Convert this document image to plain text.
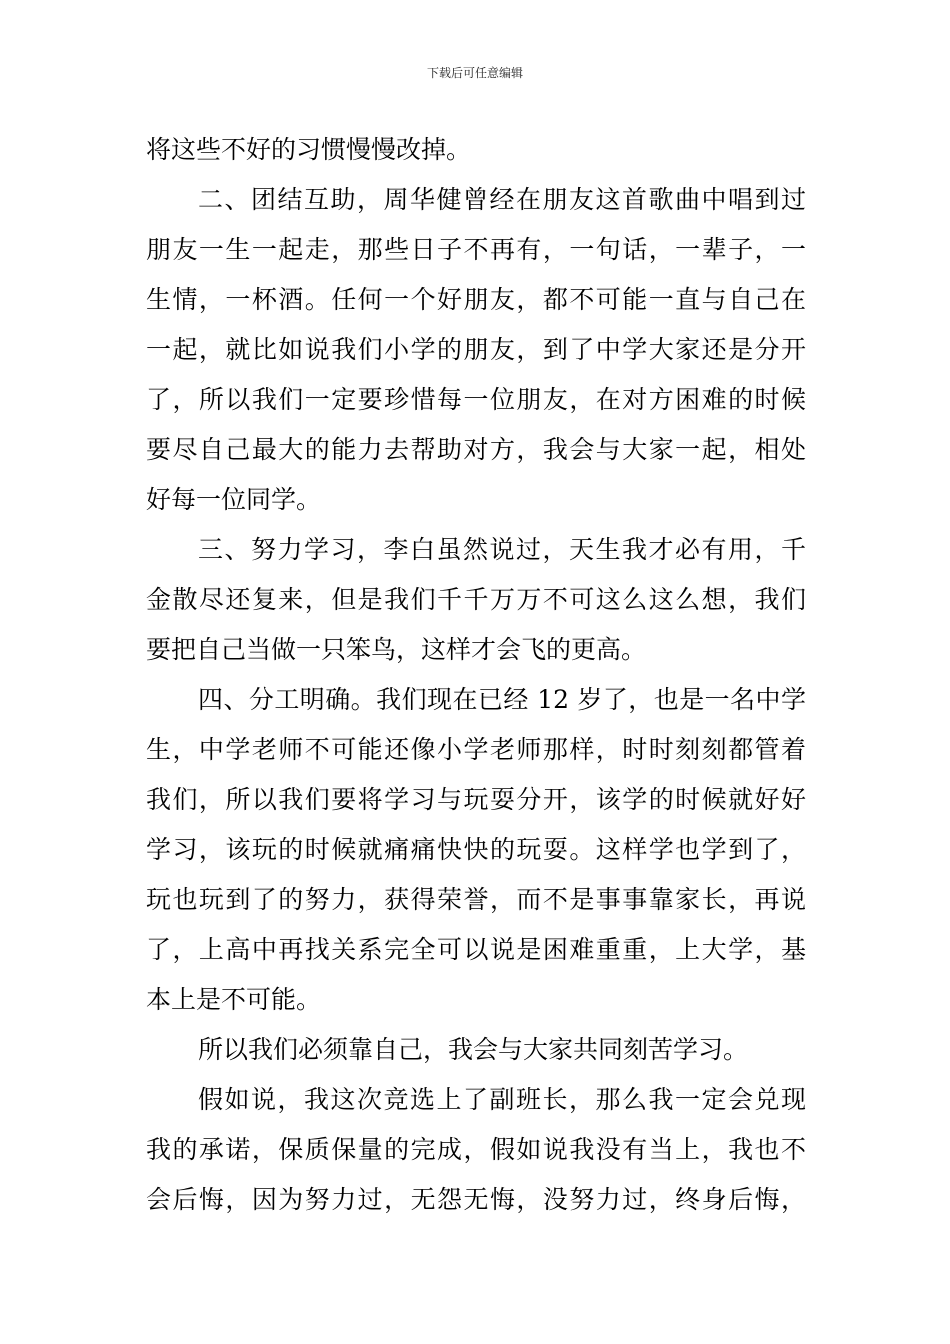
下载后可任意编辑
将这些不好的习惯慢慢改掉。
二、团结互助，周华健曾经在朋友这首歌曲中唱到过
朋友一生一起走，那些日子不再有，一句话，一辈子，一
生情，一杯酒。任何一个好朋友，都不可能一直与自己在
一起，就比如说我们小学的朋友，到了中学大家还是分开
了，所以我们一定要珍惜每一位朋友，在对方困难的时候
要尽自己最大的能力去帮助对方，我会与大家一起，相处
好每一位同学。
三、努力学习，李白虽然说过，天生我才必有用，千
金散尽还复来，但是我们千千万万不可这么这么想，我们
要把自己当做一只笨鸟，这样才会飞的更高。
四、分工明确。我们现在已经 12 岁了，也是一名中学
生，中学老师不可能还像小学老师那样，时时刻刻都管着
我们，所以我们要将学习与玩耍分开，该学的时候就好好
学习，该玩的时候就痛痛快快的玩耍。这样学也学到了，
玩也玩到了的努力，获得荣誉，而不是事事靠家长，再说
了，上高中再找关系完全可以说是困难重重，上大学，基
本上是不可能。
所以我们必须靠自己，我会与大家共同刻苦学习。
假如说，我这次竞选上了副班长，那么我一定会兑现
我的承诺，保质保量的完成，假如说我没有当上，我也不
会后悔，因为努力过，无怨无悔，没努力过，终身后悔，
